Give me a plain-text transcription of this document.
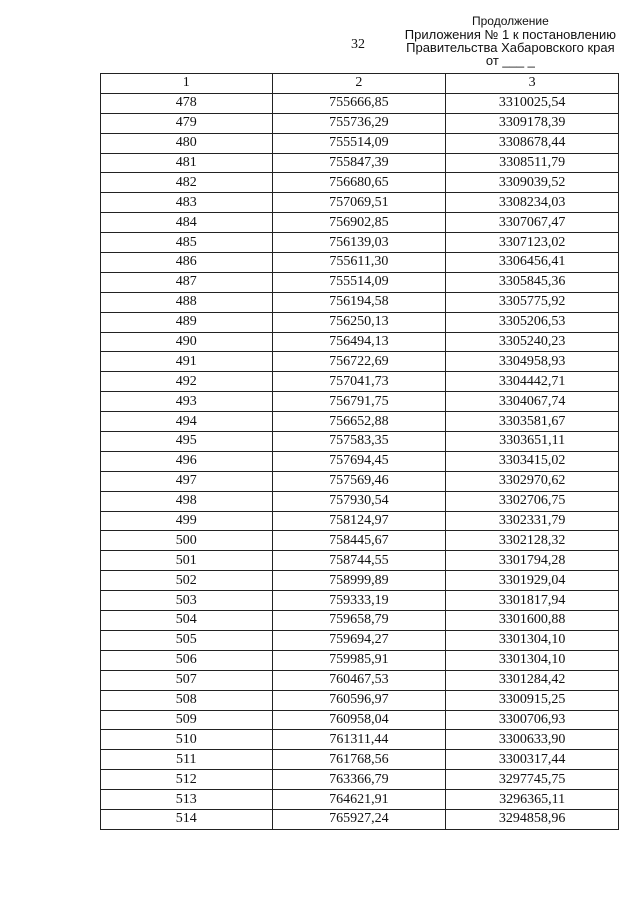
32
Продолжение
Приложения № 1 к постановлению
Правительства Хабаровского края
от ___ _
1	2	3
478	755666,85	3310025,54
479	755736,29	3309178,39
480	755514,09	3308678,44
481	755847,39	3308511,79
482	756680,65	3309039,52
483	757069,51	3308234,03
484	756902,85	3307067,47
485	756139,03	3307123,02
486	755611,30	3306456,41
487	755514,09	3305845,36
488	756194,58	3305775,92
489	756250,13	3305206,53
490	756494,13	3305240,23
491	756722,69	3304958,93
492	757041,73	3304442,71
493	756791,75	3304067,74
494	756652,88	3303581,67
495	757583,35	3303651,11
496	757694,45	3303415,02
497	757569,46	3302970,62
498	757930,54	3302706,75
499	758124,97	3302331,79
500	758445,67	3302128,32
501	758744,55	3301794,28
502	758999,89	3301929,04
503	759333,19	3301817,94
504	759658,79	3301600,88
505	759694,27	3301304,10
506	759985,91	3301304,10
507	760467,53	3301284,42
508	760596,97	3300915,25
509	760958,04	3300706,93
510	761311,44	3300633,90
511	761768,56	3300317,44
512	763366,79	3297745,75
513	764621,91	3296365,11
514	765927,24	3294858,96
